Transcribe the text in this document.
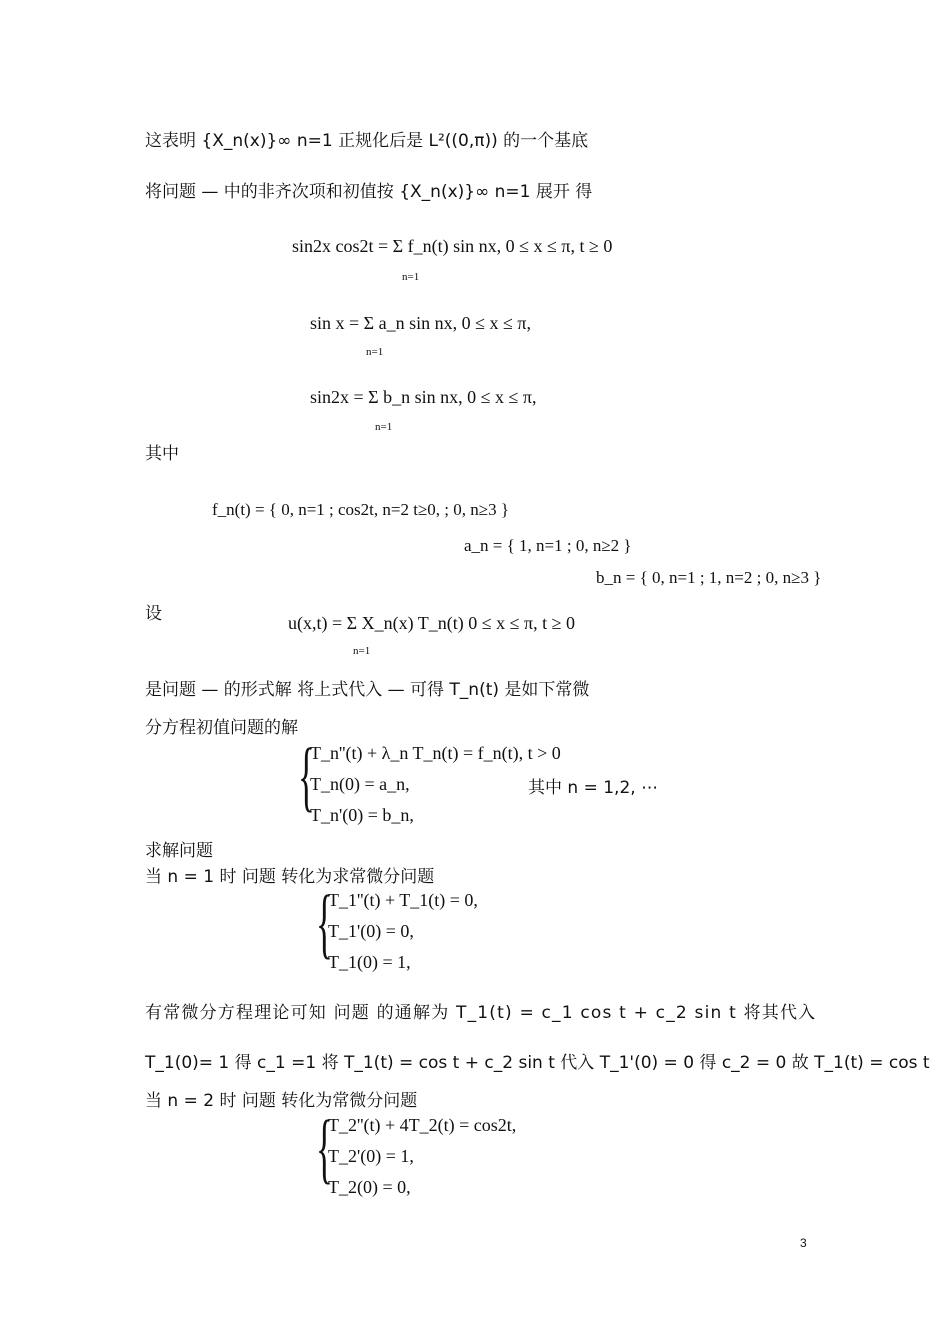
这表明 {X_n(x)}∞ n=1 正规化后是 L²((0,π)) 的一个基底
将问题 — 中的非齐次项和初值按 {X_n(x)}∞ n=1 展开 得
sin2x cos2t = Σ f_n(t) sin nx, 0 ≤ x ≤ π, t ≥ 0
n=1
sin x = Σ a_n sin nx, 0 ≤ x ≤ π,
n=1
sin2x = Σ b_n sin nx, 0 ≤ x ≤ π,
n=1
其中
f_n(t) = { 0, n=1 ; cos2t, n=2 t≥0, ; 0, n≥3 }
a_n = { 1, n=1 ; 0, n≥2 }
b_n = { 0, n=1 ; 1, n=2 ; 0, n≥3 }
设	u(x,t) = Σ X_n(x) T_n(t) 0 ≤ x ≤ π, t ≥ 0
n=1
是问题 — 的形式解 将上式代入 — 可得 T_n(t) 是如下常微
分方程初值问题的解
{
T_n''(t) + λ_n T_n(t) = f_n(t), t > 0
T_n(0) = a_n,
T_n'(0) = b_n,
其中 n = 1,2, ⋯
求解问题
当 n = 1 时 问题 转化为求常微分问题
{
T_1''(t) + T_1(t) = 0,
T_1'(0) = 0,
T_1(0) = 1,
有常微分方程理论可知 问题 的通解为 T_1(t) = c_1 cos t + c_2 sin t 将其代入
T_1(0)= 1 得 c_1 =1 将 T_1(t) = cos t + c_2 sin t 代入 T_1'(0) = 0 得 c_2 = 0 故 T_1(t) = cos t
当 n = 2 时 问题 转化为常微分问题
{
T_2''(t) + 4T_2(t) = cos2t,
T_2'(0) = 1,
T_2(0) = 0,
3
